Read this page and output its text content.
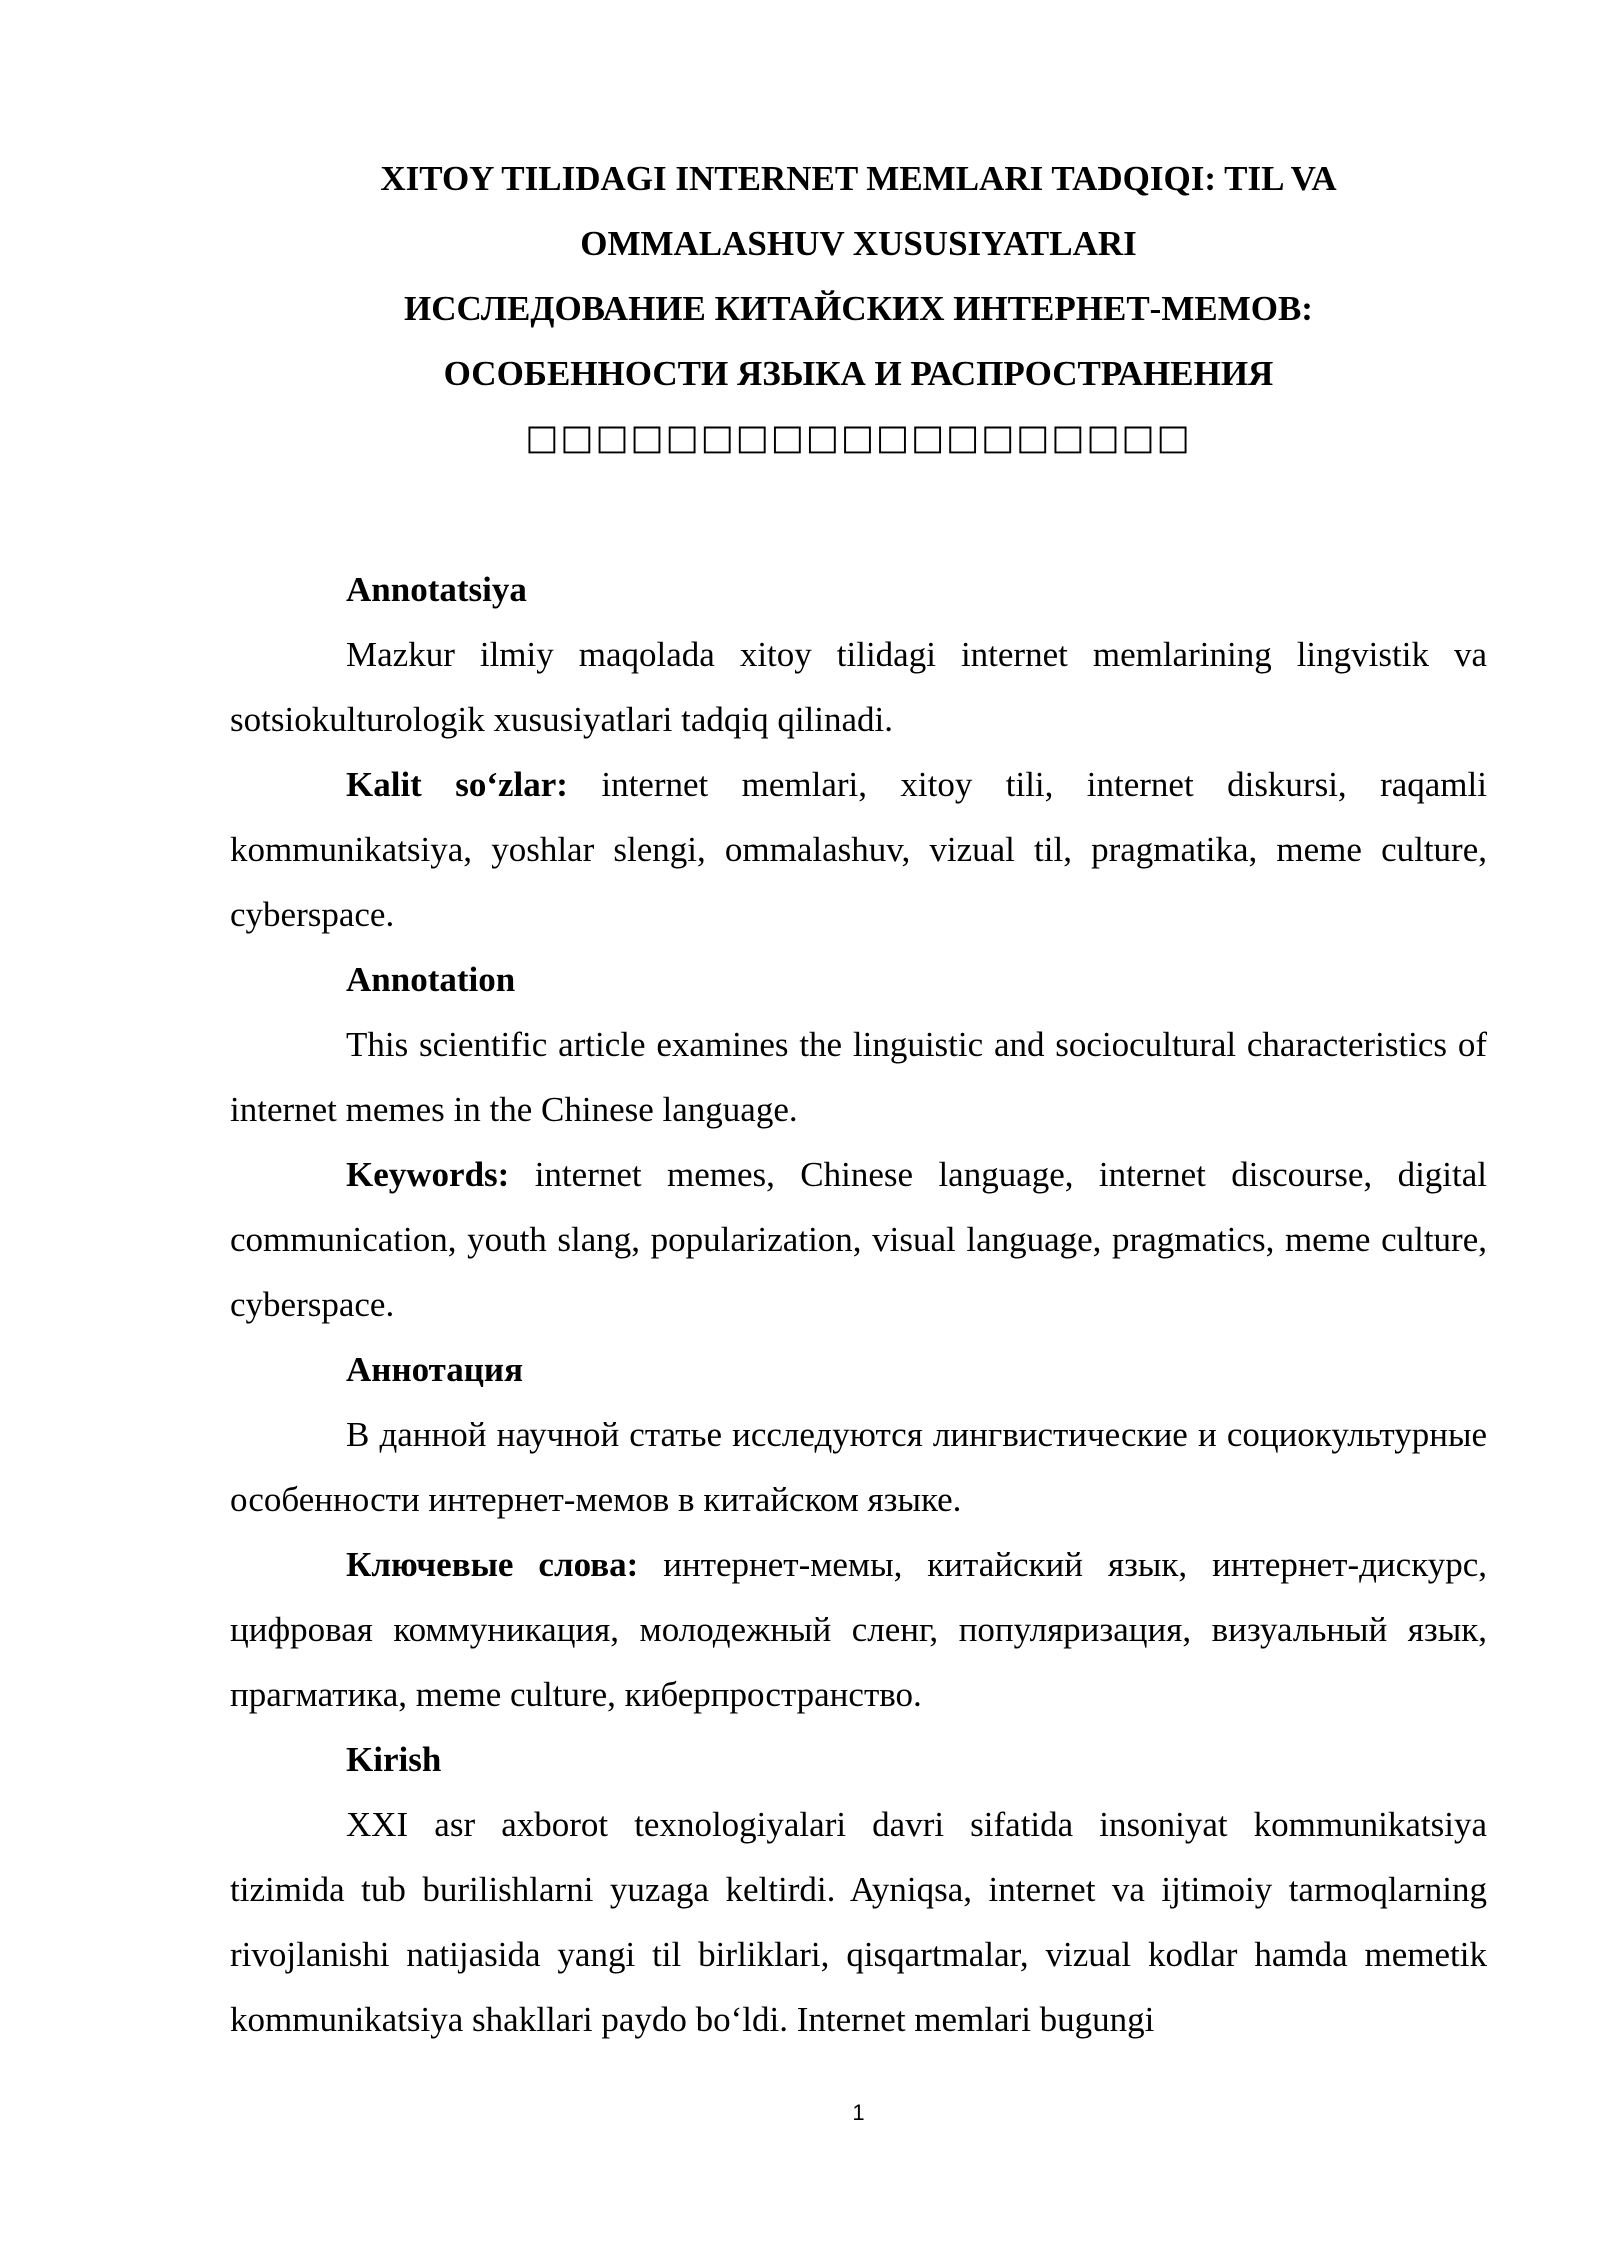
XITOY TILIDAGI INTERNET MEMLARI TADQIQI: TIL VA
OMMALASHUV XUSUSIYATLARI
ИССЛЕДОВАНИЕ КИТАЙСКИХ ИНТЕРНЕТ-МЕМОВ:
ОСОБЕННОСТИ ЯЗЫКА И РАСПРОСТРАНЕНИЯ
□□□□□□□□□□□□□□□□□□□

Annotatsiya

Mazkur ilmiy maqolada xitoy tilidagi internet memlarining lingvistik va sotsiokulturologik xususiyatlari tadqiq qilinadi.

Kalit so‘zlar: internet memlari, xitoy tili, internet diskursi, raqamli kommunikatsiya, yoshlar slengi, ommalashuv, vizual til, pragmatika, meme culture, cyberspace.

Annotation

This scientific article examines the linguistic and sociocultural characteristics of internet memes in the Chinese language.

Keywords: internet memes, Chinese language, internet discourse, digital communication, youth slang, popularization, visual language, pragmatics, meme culture, cyberspace.

Аннотация

В данной научной статье исследуются лингвистические и социокультурные особенности интернет-мемов в китайском языке.

Ключевые слова: интернет-мемы, китайский язык, интернет-дискурс, цифровая коммуникация, молодежный сленг, популяризация, визуальный язык, прагматика, meme culture, киберпространство.

Kirish

XXI asr axborot texnologiyalari davri sifatida insoniyat kommunikatsiya tizimida tub burilishlarni yuzaga keltirdi. Ayniqsa, internet va ijtimoiy tarmoqlarning rivojlanishi natijasida yangi til birliklari, qisqartmalar, vizual kodlar hamda memetik kommunikatsiya shakllari paydo bo‘ldi. Internet memlari bugungi

1
